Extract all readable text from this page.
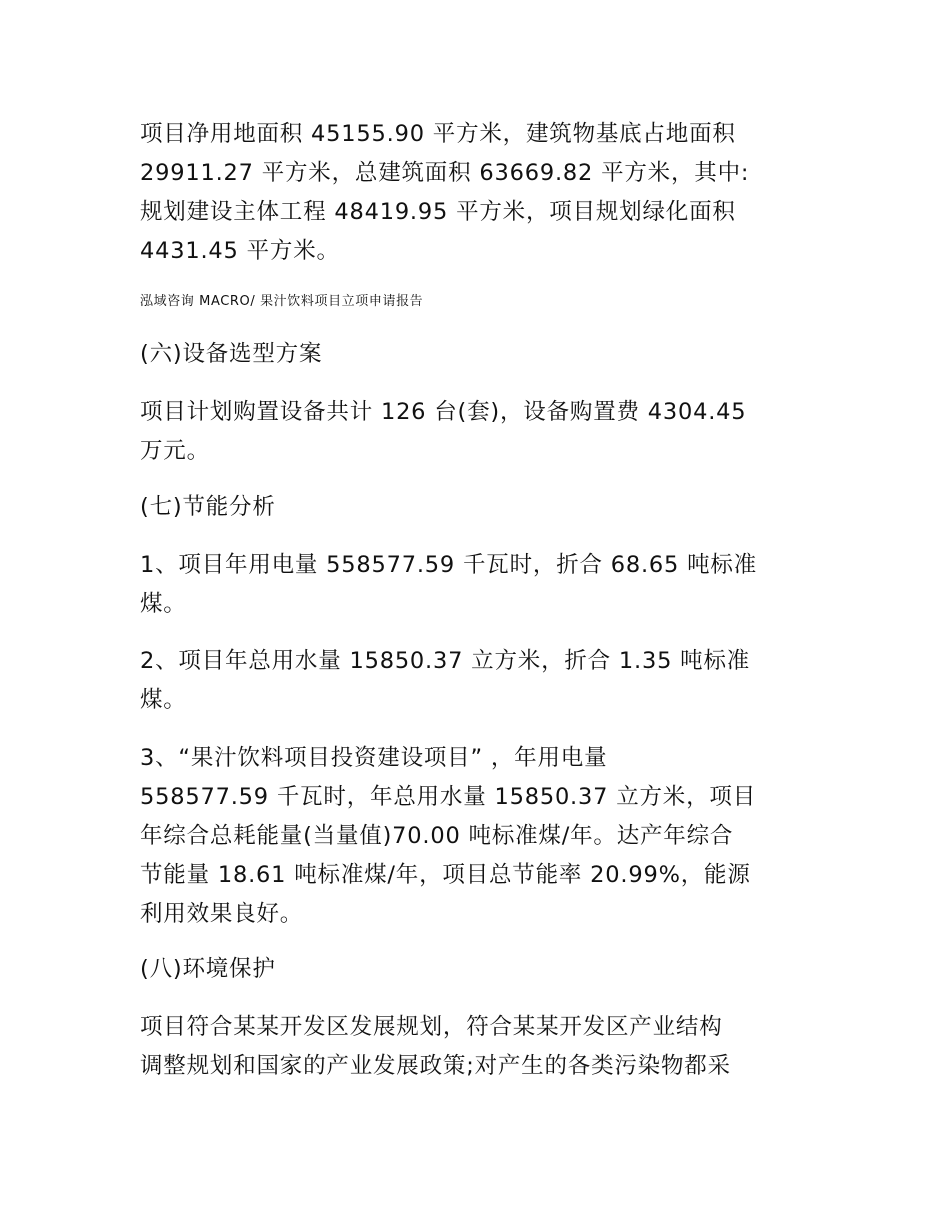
项目净用地面积 45155.90 平方米，建筑物基底占地面积
29911.27 平方米，总建筑面积 63669.82 平方米，其中:
规划建设主体工程 48419.95 平方米，项目规划绿化面积
4431.45 平方米。
泓域咨询 MACRO/ 果汁饮料项目立项申请报告
(六)设备选型方案
项目计划购置设备共计 126 台(套)，设备购置费 4304.45
万元。
(七)节能分析
1、项目年用电量 558577.59 千瓦时，折合 68.65 吨标准
煤。
2、项目年总用水量 15850.37 立方米，折合 1.35 吨标准
煤。
3、“果汁饮料项目投资建设项目” ，年用电量
558577.59 千瓦时，年总用水量 15850.37 立方米，项目
年综合总耗能量(当量值)70.00 吨标准煤/年。达产年综合
节能量 18.61 吨标准煤/年，项目总节能率 20.99%，能源
利用效果良好。
(八)环境保护
项目符合某某开发区发展规划，符合某某开发区产业结构
调整规划和国家的产业发展政策;对产生的各类污染物都采
